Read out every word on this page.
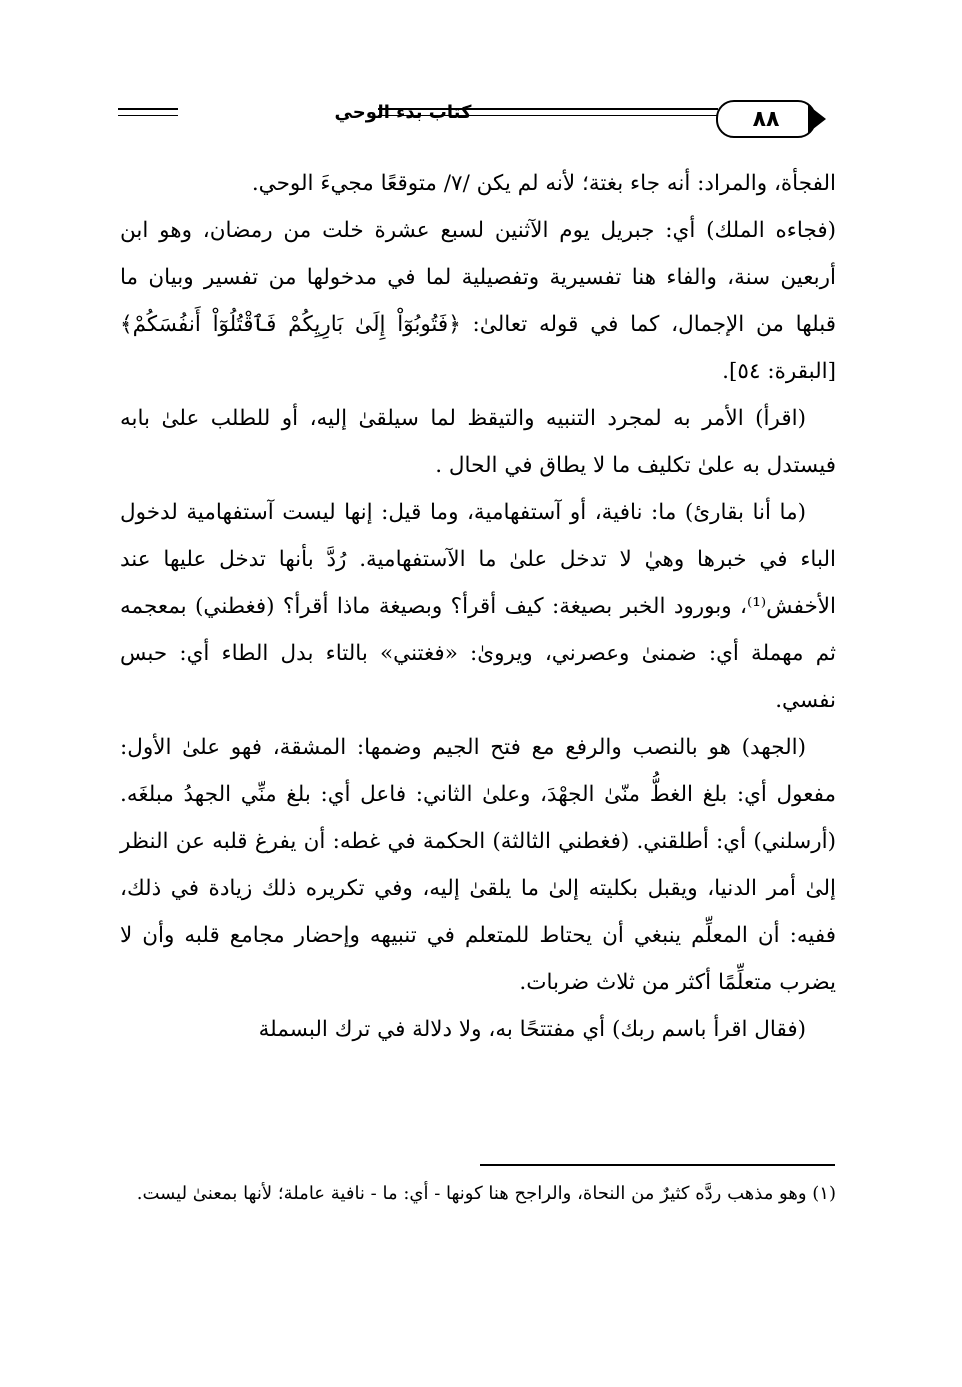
كتاب بدء الوحي	٨٨

الفجأة، والمراد: أنه جاء بغتة؛ لأنه لم يكن /٧/ متوقعًا مجيءَ الوحي.

(فجاءه الملك) أي: جبريل يوم الآثنين لسبع عشرة خلت من رمضان، وهو ابن أربعين سنة، والفاء هنا تفسيرية وتفصيلية لما في مدخولها من تفسير وبيان ما قبلها من الإجمال، كما في قوله تعالىٰ: ﴿فَتُوبُوٓاْ إِلَىٰ بَارِيِكُمْ فَٱقْتُلُوٓاْ أَنفُسَكُمْ﴾ [البقرة: ٥٤].

(اقرأ) الأمر به لمجرد التنبيه والتيقظ لما سيلقىٰ إليه، أو للطلب علىٰ بابه فيستدل به علىٰ تكليف ما لا يطاق في الحال .

(ما أنا بقارئ) ما: نافية، أو آستفهامية، وما قيل: إنها ليست آستفهامية لدخول الباء في خبرها وهيٰ لا تدخل علىٰ ما الآستفهامية. رُدَّ بأنها تدخل عليها عند الأخفش⁽¹⁾، وبورود الخبر بصيغة: كيف أقرأ؟ وبصيغة ماذا أقرأ؟ (فغطني) بمعجمه ثم مهملة أي: ضمنىٰ وعصرني، ويرویٰ: «فغتني» بالتاء بدل الطاء أي: حبس نفسي.

(الجهد) هو بالنصب والرفع مع فتح الجيم وضمها: المشقة، فهو علىٰ الأول: مفعول أي: بلغ الغطُّ منّىٰ الجهْدَ، وعلىٰ الثاني: فاعل أي: بلغ منِّي الجهدُ مبلغَه. (أرسلني) أي: أطلقني. (فغطني الثالثة) الحكمة في غطه: أن يفرغ قلبه عن النظر إلىٰ أمر الدنيا، ويقبل بكليته إلىٰ ما يلقىٰ إليه، وفي تكريره ذلك زيادة في ذلك، ففيه: أن المعلِّم ينبغي أن يحتاط للمتعلم في تنبيهه وإحضار مجامع قلبه وأن لا يضرب متعلِّمًا أكثر من ثلاث ضربات.

(فقال اقرأ باسم ربك) أي مفتتحًا به، ولا دلالة في ترك البسملة

(١) وهو مذهب ردَّه كثيرٌ من النحاة، والراجح هنا كونها - أي: ما - نافية عاملة؛ لأنها بمعنىٰ ليست.
